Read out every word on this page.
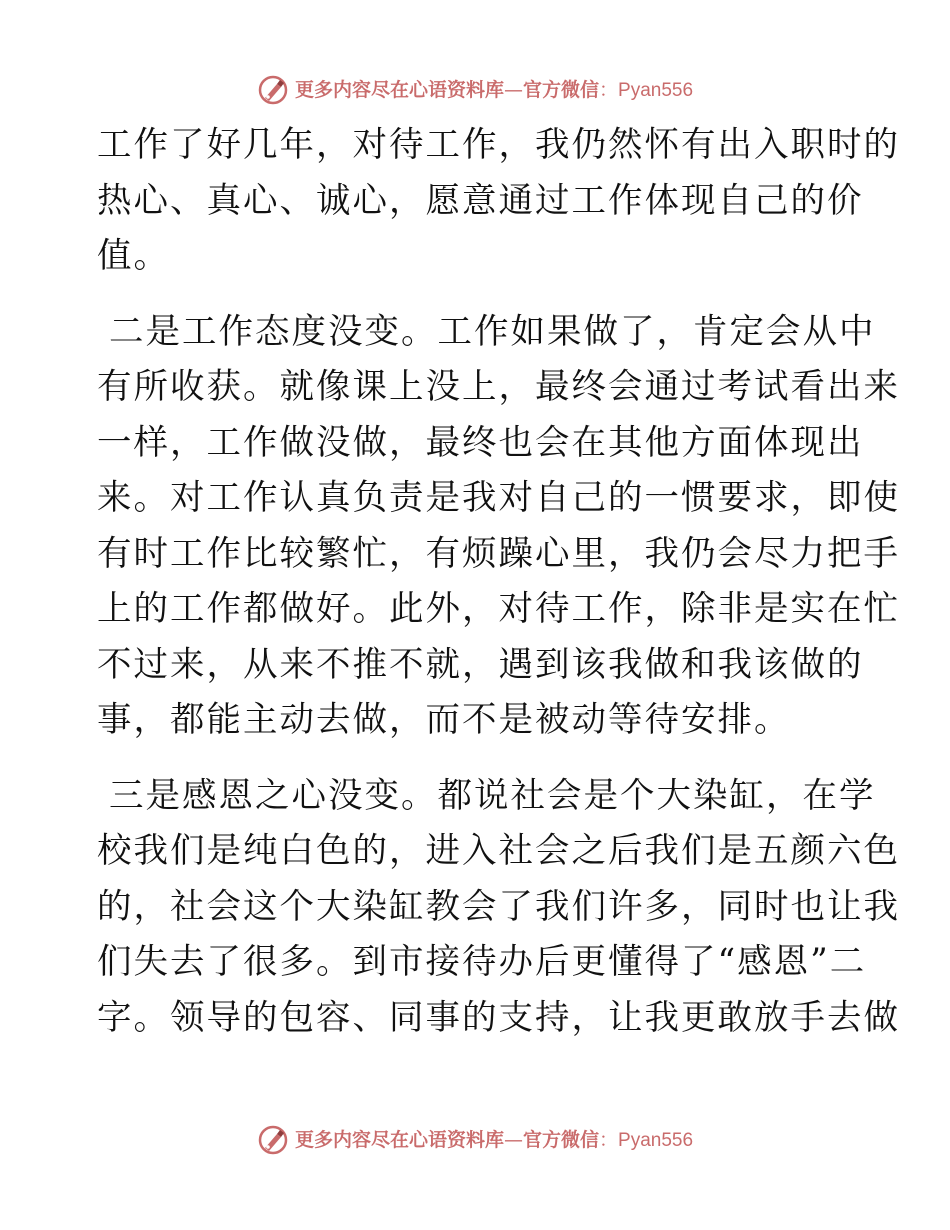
更多内容尽在心语资料库 — 官方微信 ： Pyan556
工作了好几年，对待工作，我仍然怀有出入职时的
热心、真心、诚心，愿意通过工作体现自己的价
值。
二是工作态度没变。工作如果做了，肯定会从中
有所收获。就像课上没上，最终会通过考试看出来
一样，工作做没做，最终也会在其他方面体现出
来。对工作认真负责是我对自己的一惯要求，即使
有时工作比较繁忙，有烦躁心里，我仍会尽力把手
上的工作都做好。此外，对待工作，除非是实在忙
不过来，从来不推不就，遇到该我做和我该做的
事，都能主动去做，而不是被动等待安排。
三是感恩之心没变。都说社会是个大染缸，在学
校我们是纯白色的，进入社会之后我们是五颜六色
的，社会这个大染缸教会了我们许多，同时也让我
们失去了很多。到市接待办后更懂得了“感恩”二
字。领导的包容、同事的支持，让我更敢放手去做
更多内容尽在心语资料库 — 官方微信 ： Pyan556
